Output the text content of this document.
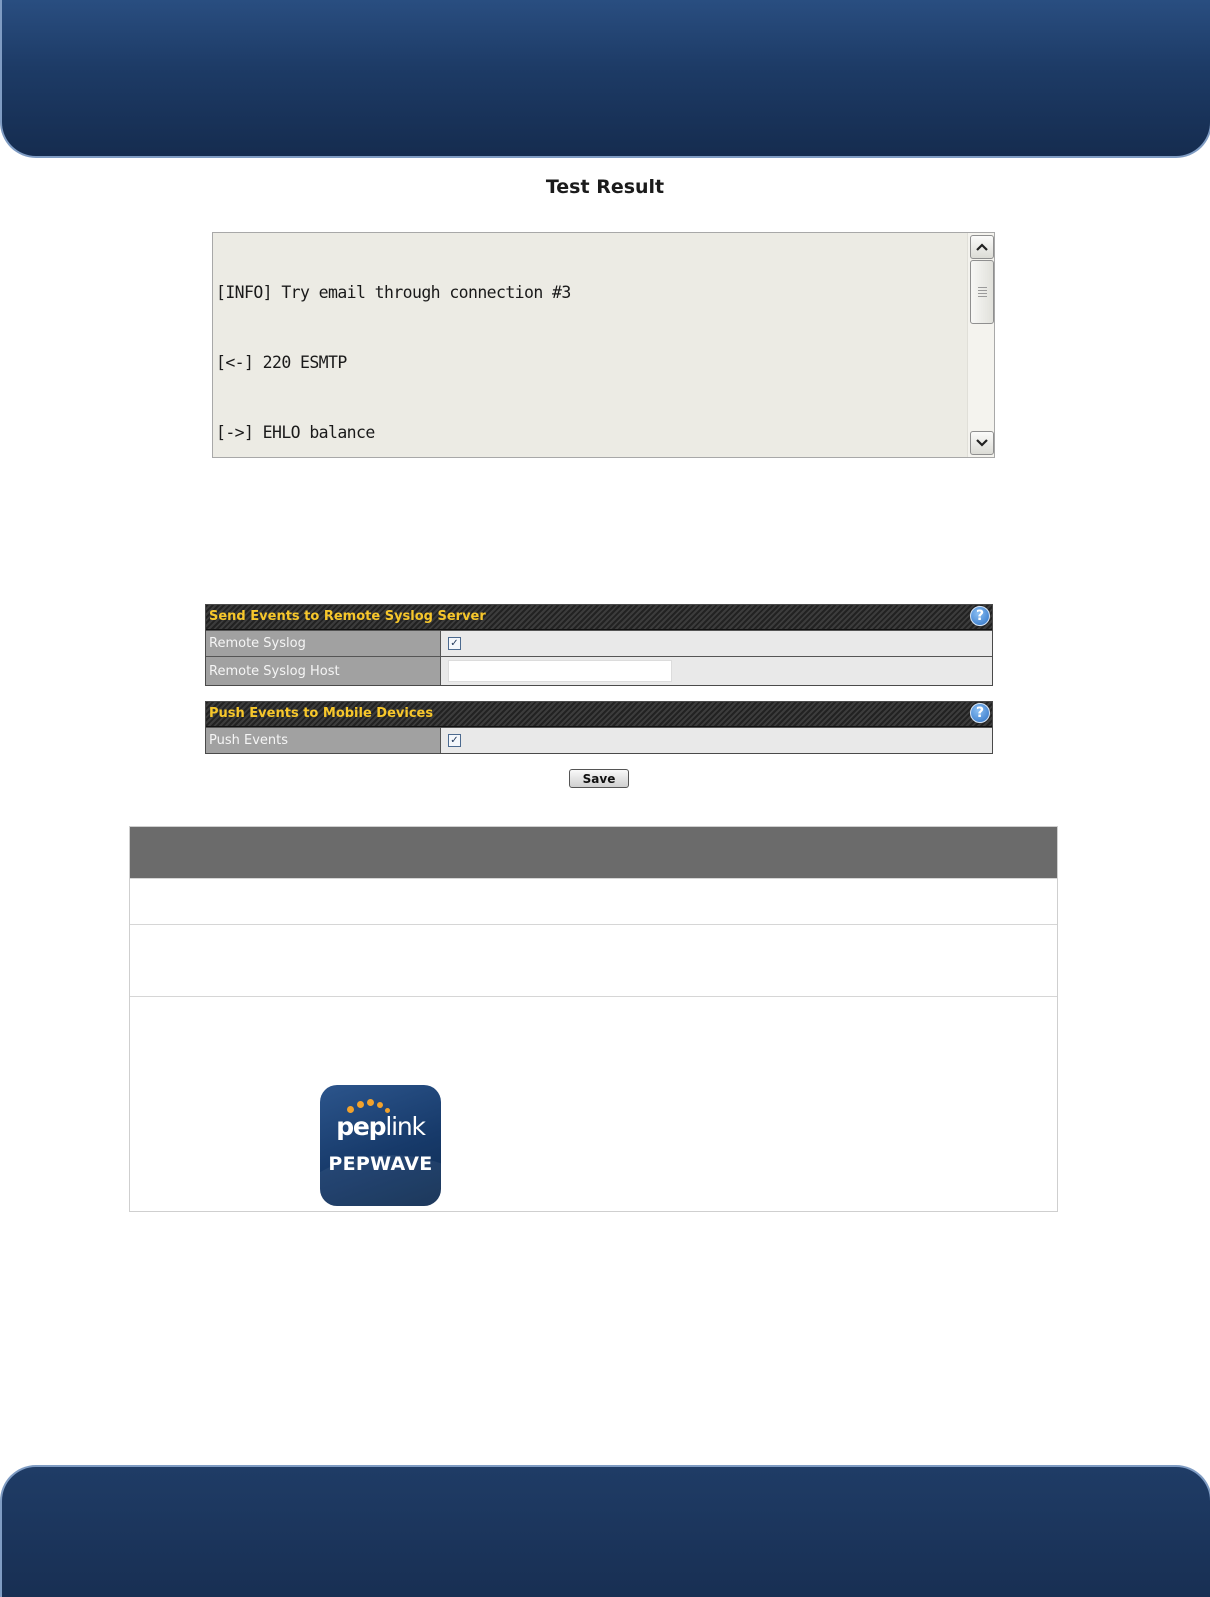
Test Result

[INFO] Try email through connection #3

[<-] 220 ESMTP

[->] EHLO balance

Send Events to Remote Syslog Server	?
Remote Syslog	✓
Remote Syslog Host
Push Events to Mobile Devices	?
Push Events	✓
Save
peplink
PEPWAVE
